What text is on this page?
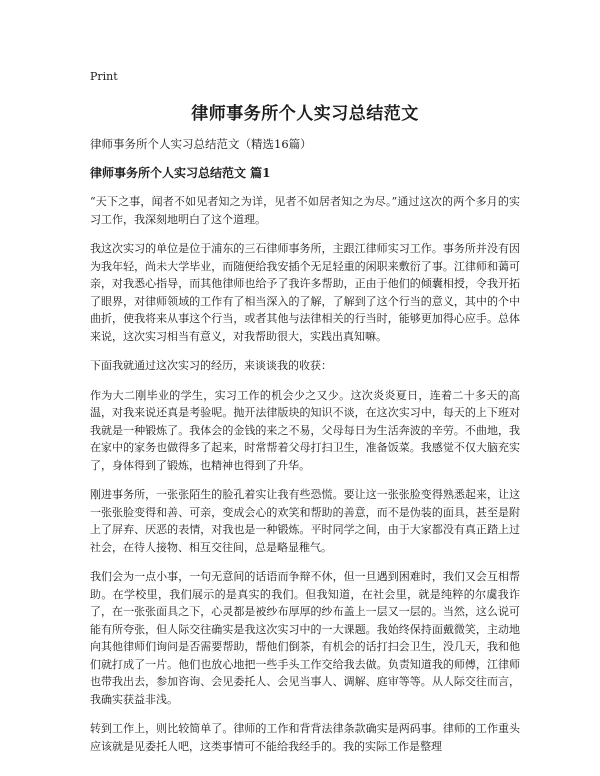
Print
律师事务所个人实习总结范文
律师事务所个人实习总结范文（精选16篇）
律师事务所个人实习总结范文 篇1

“天下之事，闻者不如见者知之为详，见者不如居者知之为尽。”通过这次的两个多月的实习工作，我深刻地明白了这个道理。

我这次实习的单位是位于浦东的三石律师事务所，主跟江律师实习工作。事务所并没有因为我年轻，尚未大学毕业，而随便给我安插个无足轻重的闲职来敷衍了事。江律师和蔼可亲，对我悉心指导，而其他律师也给予了我许多帮助，正由于他们的倾囊相授，令我开拓了眼界，对律师领域的工作有了相当深入的了解，了解到了这个行当的意义，其中的个中曲折，使我将来从事这个行当，或者其他与法律相关的行当时，能够更加得心应手。总体来说，这次实习相当有意义，对我帮助很大，实践出真知嘛。

下面我就通过这次实习的经历，来谈谈我的收获：

作为大二刚毕业的学生，实习工作的机会少之又少。这次炎炎夏日，连着二十多天的高温，对我来说还真是考验呢。抛开法律版块的知识不谈，在这次实习中，每天的上下班对我就是一种锻炼了。我体会的金钱的来之不易，父母每日为生活奔波的辛劳。不曲地，我在家中的家务也做得多了起来，时常帮着父母打扫卫生，准备饭菜。我感觉不仅大脑充实了，身体得到了锻炼，也精神也得到了升华。

刚进事务所，一张张陌生的脸孔着实让我有些恐慌。要让这一张张脸变得熟悉起来，让这一张张脸变得和善、可亲，变成会心的欢笑和帮助的善意，而不是伪装的面具，甚至是附上了屏弃、厌恶的表情，对我也是一种锻炼。平时同学之间，由于大家都没有真正踏上过社会，在待人接物、相互交往间，总是略显稚气。

我们会为一点小事，一句无意间的话语而争辩不休，但一旦遇到困难时，我们又会互相帮助。在学校里，我们展示的是真实的我们。但我知道，在社会里，就是纯粹的尔虞我诈了，在一张张面具之下，心灵都是被纱布厚厚的纱布盖上一层又一层的。当然，这么说可能有所夸张，但人际交往确实是我这次实习中的一大课题。我始终保持面戴微笑，主动地向其他律师们询问是否需要帮助，帮他们倒茶，有机会的话打扫会卫生，没几天，我和他们就打成了一片。他们也放心地把一些手头工作交给我去做。负责知道我的师傅，江律师也带我出去，参加咨询、会见委托人、会见当事人、调解、庭审等等。从人际交往而言，我确实获益非浅。

转到工作上，则比较简单了。律师的工作和背背法律条款确实是两码事。律师的工作重头应该就是见委托人吧，这类事情可不能给我经手的。我的实际工作是整理
